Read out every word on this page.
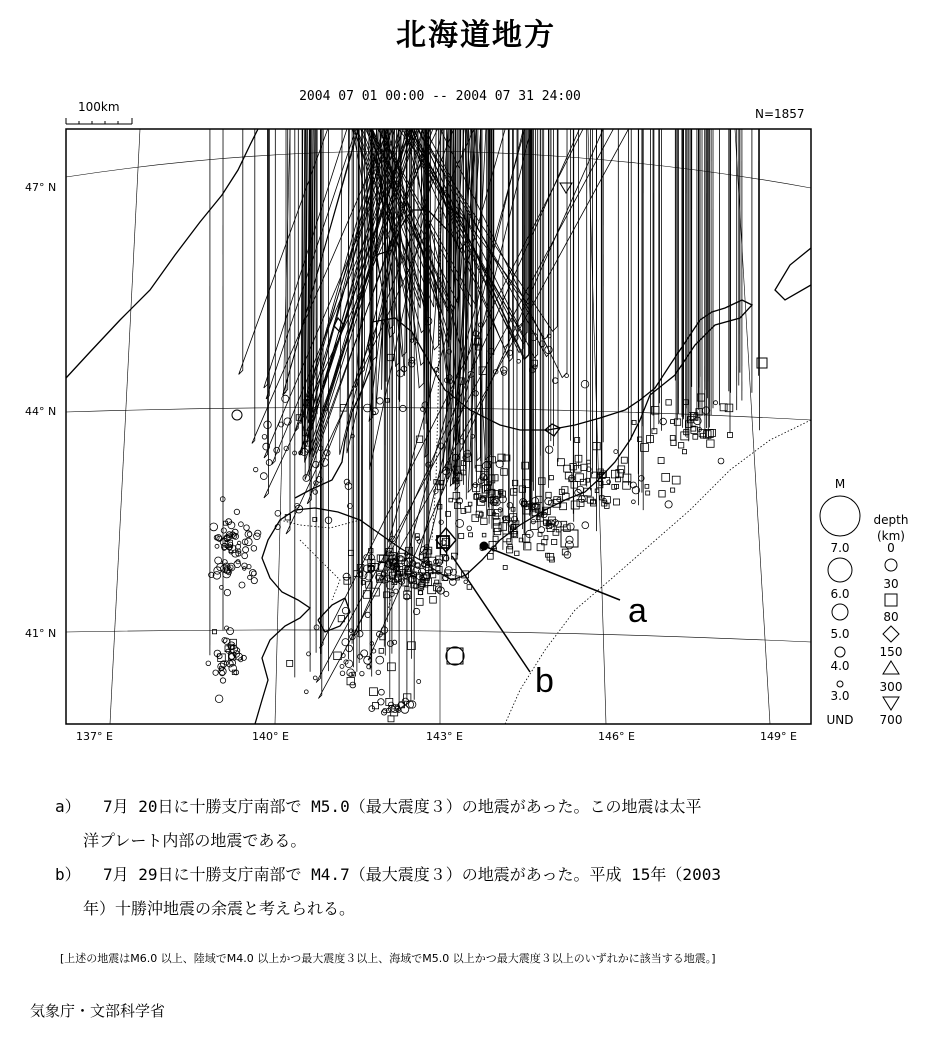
北海道地方
2004 07 01 00:00 -- 2004 07 31 24:00
N=1857
100km
a
b
47° N
44° N
41° N
137° E	140° E	143° E	146° E	149° E
M
7.0
6.0
5.0
4.0
3.0
UND
depth
(km)
0
30
80
150
300
700
a）	7月 20日に十勝支庁南部で M5.0（最大震度３）の地震があった。この地震は太平
洋プレート内部の地震である。
b）	7月 29日に十勝支庁南部で M4.7（最大震度３）の地震があった。平成 15年（2003
年）十勝沖地震の余震と考えられる。
[上述の地震はM6.0 以上、陸域でM4.0 以上かつ最大震度３以上、海域でM5.0 以上かつ最大震度３以上のいずれかに該当する地震。]
気象庁・文部科学省
